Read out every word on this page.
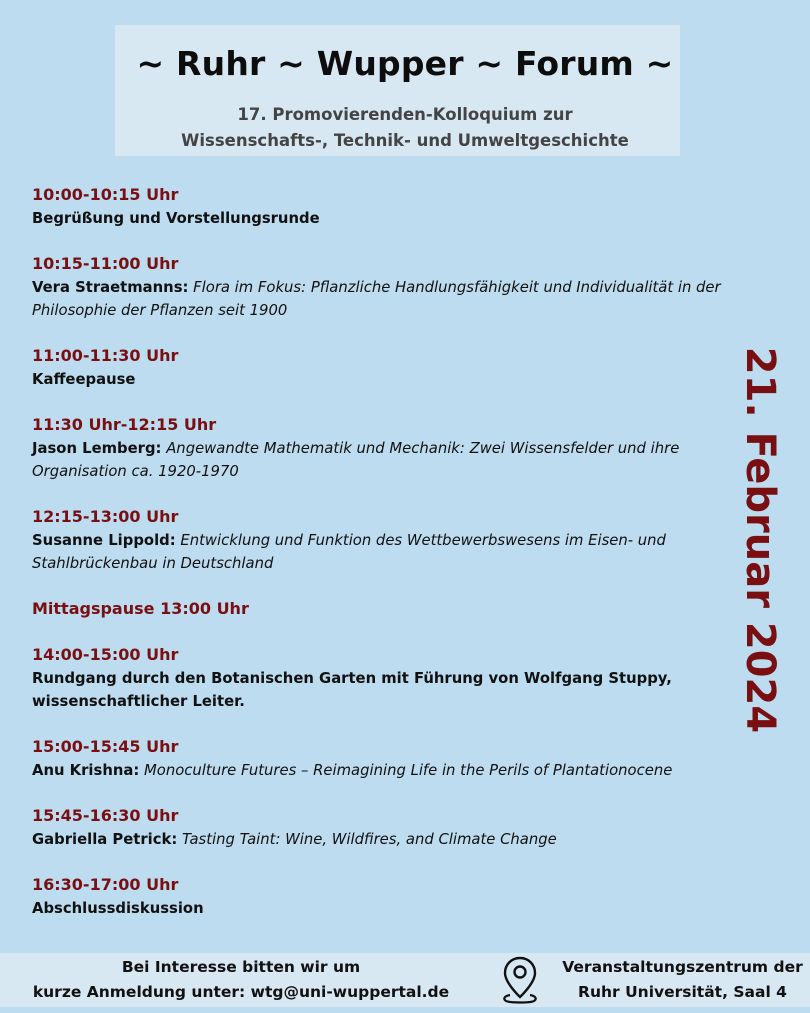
~ Ruhr ~ Wupper ~ Forum ~
17. Promovierenden-Kolloquium zur
Wissenschafts-, Technik- und Umweltgeschichte
10:00-10:15 Uhr
Begrüßung und Vorstellungsrunde
10:15-11:00 Uhr
Vera Straetmanns: Flora im Fokus: Pflanzliche Handlungsfähigkeit und Individualität in der Philosophie der Pflanzen seit 1900
11:00-11:30 Uhr
Kaffeepause
11:30 Uhr-12:15 Uhr
Jason Lemberg: Angewandte Mathematik und Mechanik: Zwei Wissensfelder und ihre Organisation ca. 1920-1970
12:15-13:00 Uhr
Susanne Lippold: Entwicklung und Funktion des Wettbewerbswesens im Eisen- und Stahlbrückenbau in Deutschland
Mittagspause 13:00 Uhr
14:00-15:00 Uhr
Rundgang durch den Botanischen Garten mit Führung von Wolfgang Stuppy, wissenschaftlicher Leiter.
15:00-15:45 Uhr
Anu Krishna: Monoculture Futures – Reimagining Life in the Perils of Plantationocene
15:45-16:30 Uhr
Gabriella Petrick: Tasting Taint: Wine, Wildfires, and Climate Change
16:30-17:00 Uhr
Abschlussdiskussion
21. Februar 2024
Bei Interesse bitten wir um
kurze Anmeldung unter: wtg@uni-wuppertal.de
Veranstaltungszentrum der
Ruhr Universität, Saal 4
